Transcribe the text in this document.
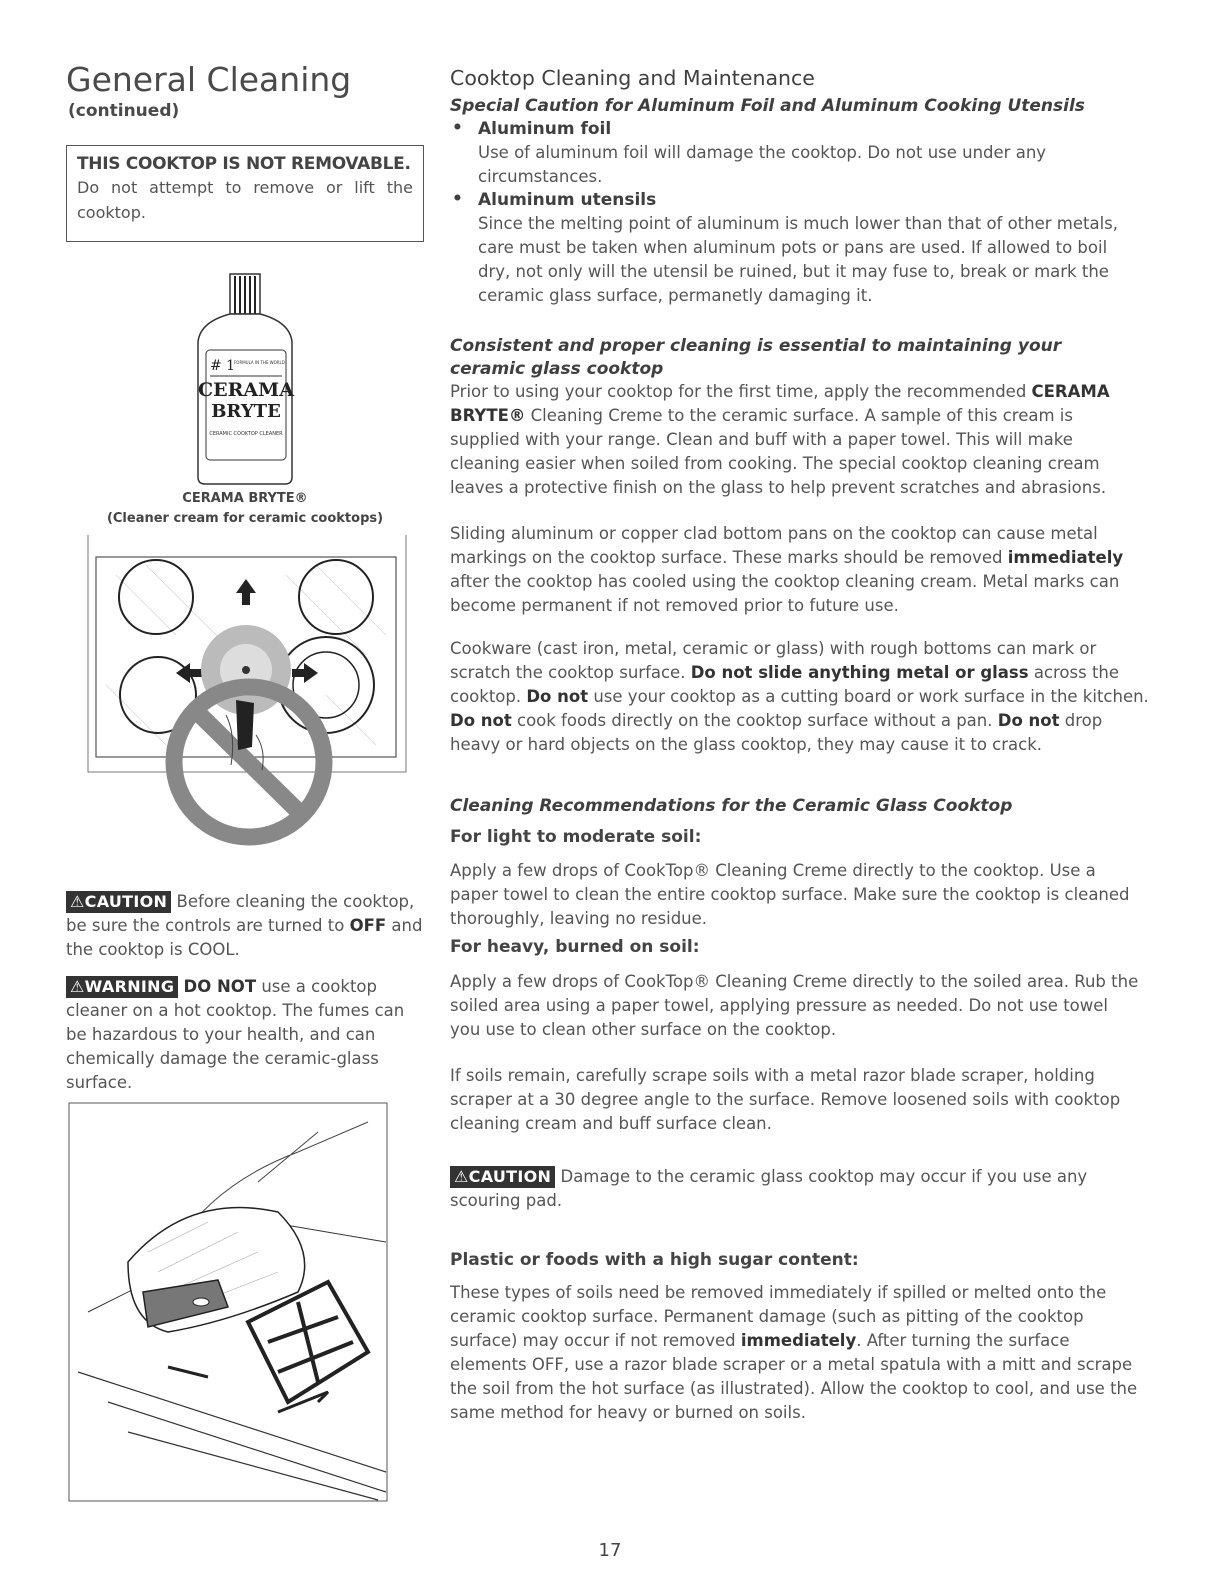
General Cleaning
(continued)
THIS COOKTOP IS NOT REMOVABLE.
Do not attempt to remove or lift the cooktop.
# 1
FORMULA IN THE WORLD
CERAMA
BRYTE
CERAMIC COOKTOP CLEANER
CERAMA BRYTE®
(Cleaner cream for ceramic cooktops)
⚠CAUTION Before cleaning the cooktop, be sure the controls are turned to OFF and the cooktop is COOL.
⚠WARNING DO NOT use a cooktop cleaner on a hot cooktop. The fumes can be hazardous to your health, and can chemically damage the ceramic-glass surface.
Cooktop Cleaning and Maintenance
Special Caution for Aluminum Foil and Aluminum Cooking Utensils
• Aluminum foil
Use of aluminum foil will damage the cooktop. Do not use under any circumstances.
• Aluminum utensils
Since the melting point of aluminum is much lower than that of other metals, care must be taken when aluminum pots or pans are used. If allowed to boil dry, not only will the utensil be ruined, but it may fuse to, break or mark the ceramic glass surface, permanetly damaging it.
Consistent and proper cleaning is essential to maintaining your ceramic glass cooktop
Prior to using your cooktop for the first time, apply the recommended CERAMA BRYTE® Cleaning Creme to the ceramic surface. A sample of this cream is supplied with your range. Clean and buff with a paper towel. This will make cleaning easier when soiled from cooking. The special cooktop cleaning cream leaves a protective finish on the glass to help prevent scratches and abrasions.
Sliding aluminum or copper clad bottom pans on the cooktop can cause metal markings on the cooktop surface. These marks should be removed immediately after the cooktop has cooled using the cooktop cleaning cream. Metal marks can become permanent if not removed prior to future use.
Cookware (cast iron, metal, ceramic or glass) with rough bottoms can mark or scratch the cooktop surface. Do not slide anything metal or glass across the cooktop. Do not use your cooktop as a cutting board or work surface in the kitchen. Do not cook foods directly on the cooktop surface without a pan. Do not drop heavy or hard objects on the glass cooktop, they may cause it to crack.
Cleaning Recommendations for the Ceramic Glass Cooktop
For light to moderate soil:
Apply a few drops of CookTop® Cleaning Creme directly to the cooktop. Use a paper towel to clean the entire cooktop surface. Make sure the cooktop is cleaned thoroughly, leaving no residue.
For heavy, burned on soil:
Apply a few drops of CookTop® Cleaning Creme directly to the soiled area. Rub the soiled area using a paper towel, applying pressure as needed. Do not use towel you use to clean other surface on the cooktop.
If soils remain, carefully scrape soils with a metal razor blade scraper, holding scraper at a 30 degree angle to the surface. Remove loosened soils with cooktop cleaning cream and buff surface clean.
⚠CAUTION Damage to the ceramic glass cooktop may occur if you use any scouring pad.
Plastic or foods with a high sugar content:
These types of soils need be removed immediately if spilled or melted onto the ceramic cooktop surface. Permanent damage (such as pitting of the cooktop surface) may occur if not removed immediately. After turning the surface elements OFF, use a razor blade scraper or a metal spatula with a mitt and scrape the soil from the hot surface (as illustrated). Allow the cooktop to cool, and use the same method for heavy or burned on soils.
17
